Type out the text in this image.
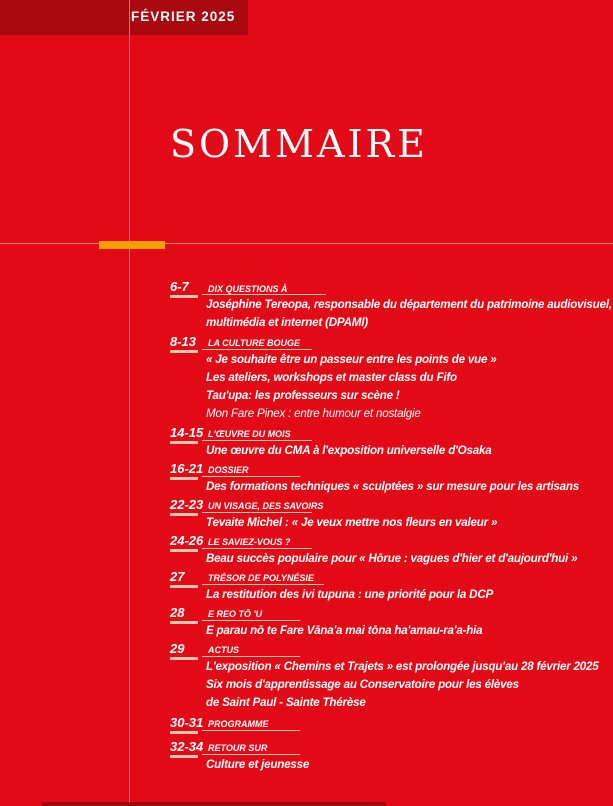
FÉVRIER 2025
SOMMAIRE
6-7 DIX QUESTIONS À
Joséphine Tereopa, responsable du département du patrimoine audiovisuel,
multimédia et internet (DPAMI)
8-13 LA CULTURE BOUGE
« Je souhaite être un passeur entre les points de vue »
Les ateliers, workshops et master class du Fifo
Tau'upa: les professeurs sur scène !
Mon Fare Pinex : entre humour et nostalgie
14-15 L'ŒUVRE DU MOIS
Une œuvre du CMA à l'exposition universelle d'Osaka
16-21 DOSSIER
Des formations techniques « sculptées » sur mesure pour les artisans
22-23 UN VISAGE, DES SAVOIRS
Tevaite Michel : « Je veux mettre nos fleurs en valeur »
24-26 LE SAVIEZ-VOUS ?
Beau succès populaire pour « Hōrue : vagues d'hier et d'aujourd'hui »
27	TRÉSOR DE POLYNÉSIE
La restitution des ivi tupuna : une priorité pour la DCP
28	E REO TŌ 'U
E parau nō te Fare Vāna'a mai tōna ha'amau-ra'a-hia
29	ACTUS
L'exposition « Chemins et Trajets » est prolongée jusqu'au 28 février 2025
Six mois d'apprentissage au Conservatoire pour les élèves
de Saint Paul - Sainte Thérèse
30-31 PROGRAMME
32-34 RETOUR SUR
Culture et jeunesse
